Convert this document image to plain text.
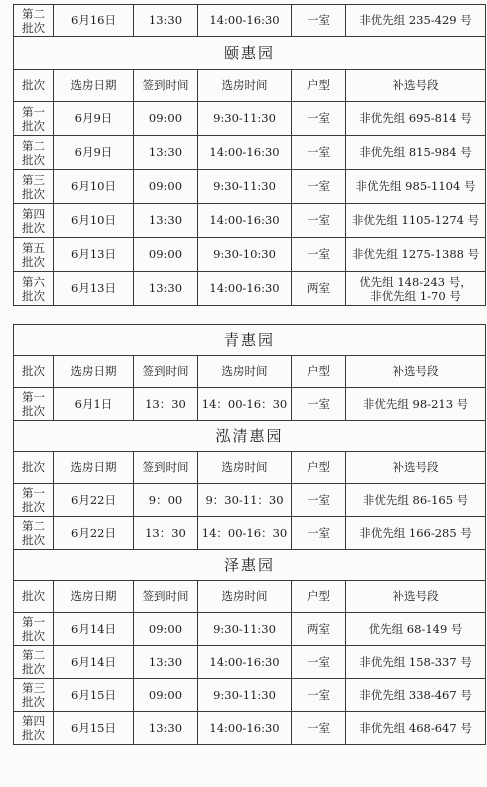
第二
批次	6月16日	13:30	14:00-16:30	一室	非优先组 235-429 号
颐惠园					
批次	选房日期	签到时间	选房时间	户型	补选号段

第一
批次	6月9日	09:00	9:30-11:30	一室	非优先组 695-814 号

第二
批次	6月9日	13:30	14:00-16:30	一室	非优先组 815-984 号

第三
批次	6月10日	09:00	9:30-11:30	一室	非优先组 985-1104 号

第四
批次	6月10日	13:30	14:00-16:30	一室	非优先组 1105-1274 号

第五
批次	6月13日	09:00	9:30-10:30	一室	非优先组 1275-1388 号

第六
批次	6月13日	13:30	14:00-16:30	两室	优先组 148-243 号，
非优先组 1-70 号
青惠园					
批次	选房日期	签到时间	选房时间	户型	补选号段

第一
批次	6月1日	13：30	14：00-16：30	一室	非优先组 98-213 号
泓清惠园					
批次	选房日期	签到时间	选房时间	户型	补选号段

第一
批次	6月22日	9：00	9：30-11：30	一室	非优先组 86-165 号

第二
批次	6月22日	13：30	14：00-16：30	一室	非优先组 166-285 号
泽惠园					
批次	选房日期	签到时间	选房时间	户型	补选号段

第一
批次	6月14日	09:00	9:30-11:30	两室	优先组 68-149 号

第二
批次	6月14日	13:30	14:00-16:30	一室	非优先组 158-337 号

第三
批次	6月15日	09:00	9:30-11:30	一室	非优先组 338-467 号

第四
批次	6月15日	13:30	14:00-16:30	一室	非优先组 468-647 号
